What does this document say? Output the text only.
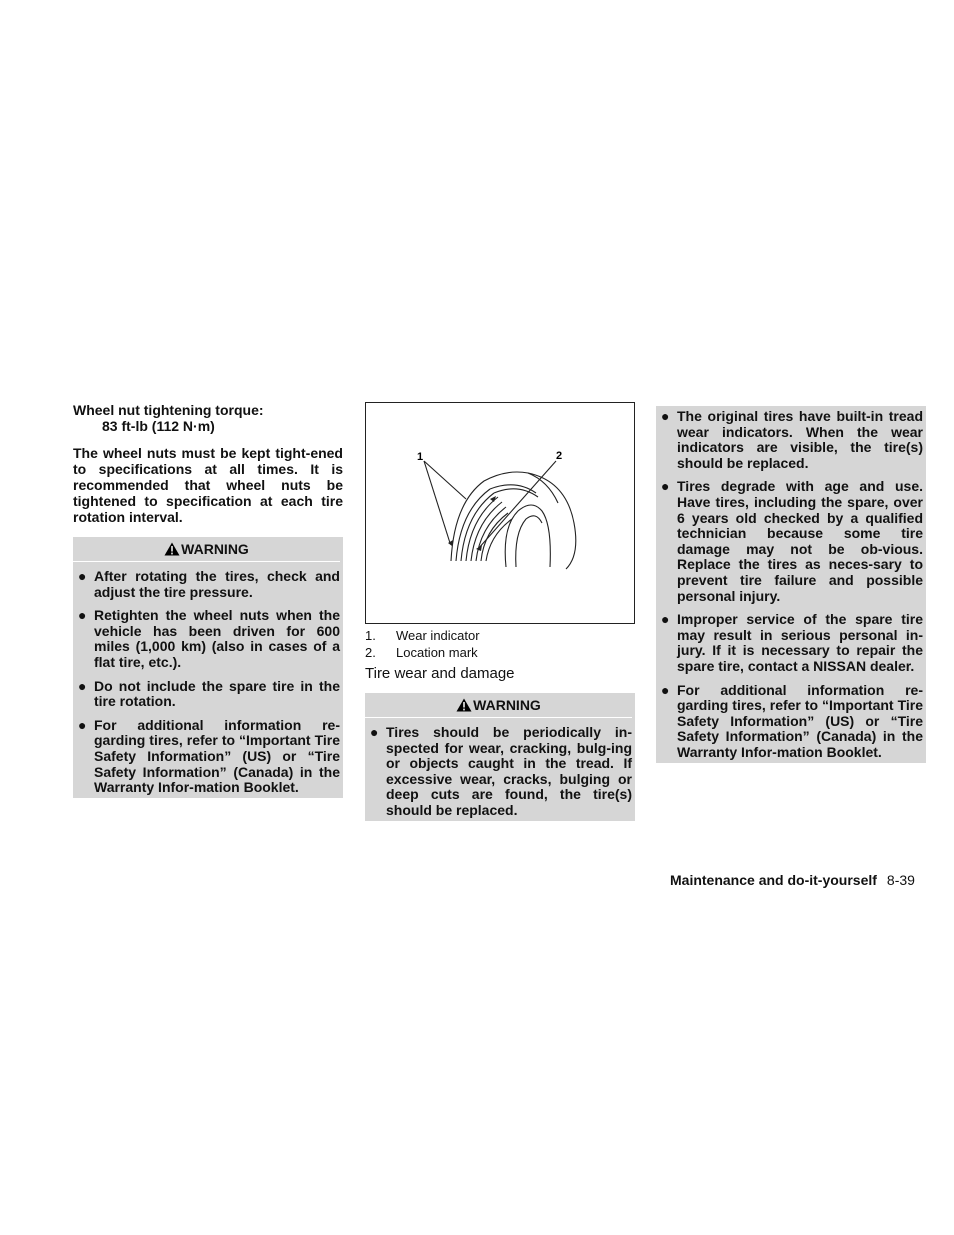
Wheel nut tightening torque:

83 ft-lb (112 N·m)

The wheel nuts must be kept tight-ened to specifications at all times. It is recommended that wheel nuts be tightened to specification at each tire rotation interval.

WARNING
● After rotating the tires, check and adjust the tire pressure.
● Retighten the wheel nuts when the vehicle has been driven for 600 miles (1,000 km) (also in cases of a flat tire, etc.).
● Do not include the spare tire in the tire rotation.
● For additional information re-garding tires, refer to “Important Tire Safety Information” (US) or “Tire Safety Information” (Canada) in the Warranty Infor-mation Booklet.
1	2

1. Wear indicator

2. Location mark

Tire wear and damage

WARNING
● Tires should be periodically in-spected for wear, cracking, bulg-ing or objects caught in the tread. If excessive wear, cracks, bulging or deep cuts are found, the tire(s) should be replaced.
● The original tires have built-in tread wear indicators. When the wear indicators are visible, the tire(s) should be replaced.
● Tires degrade with age and use. Have tires, including the spare, over 6 years old checked by a qualified technician because some tire damage may not be ob-vious. Replace the tires as neces-sary to prevent tire failure and possible personal injury.
● Improper service of the spare tire may result in serious personal in-jury. If it is necessary to repair the spare tire, contact a NISSAN dealer.
● For additional information re-garding tires, refer to “Important Tire Safety Information” (US) or “Tire Safety Information” (Canada) in the Warranty Infor-mation Booklet.
Maintenance and do-it-yourself 8-39
